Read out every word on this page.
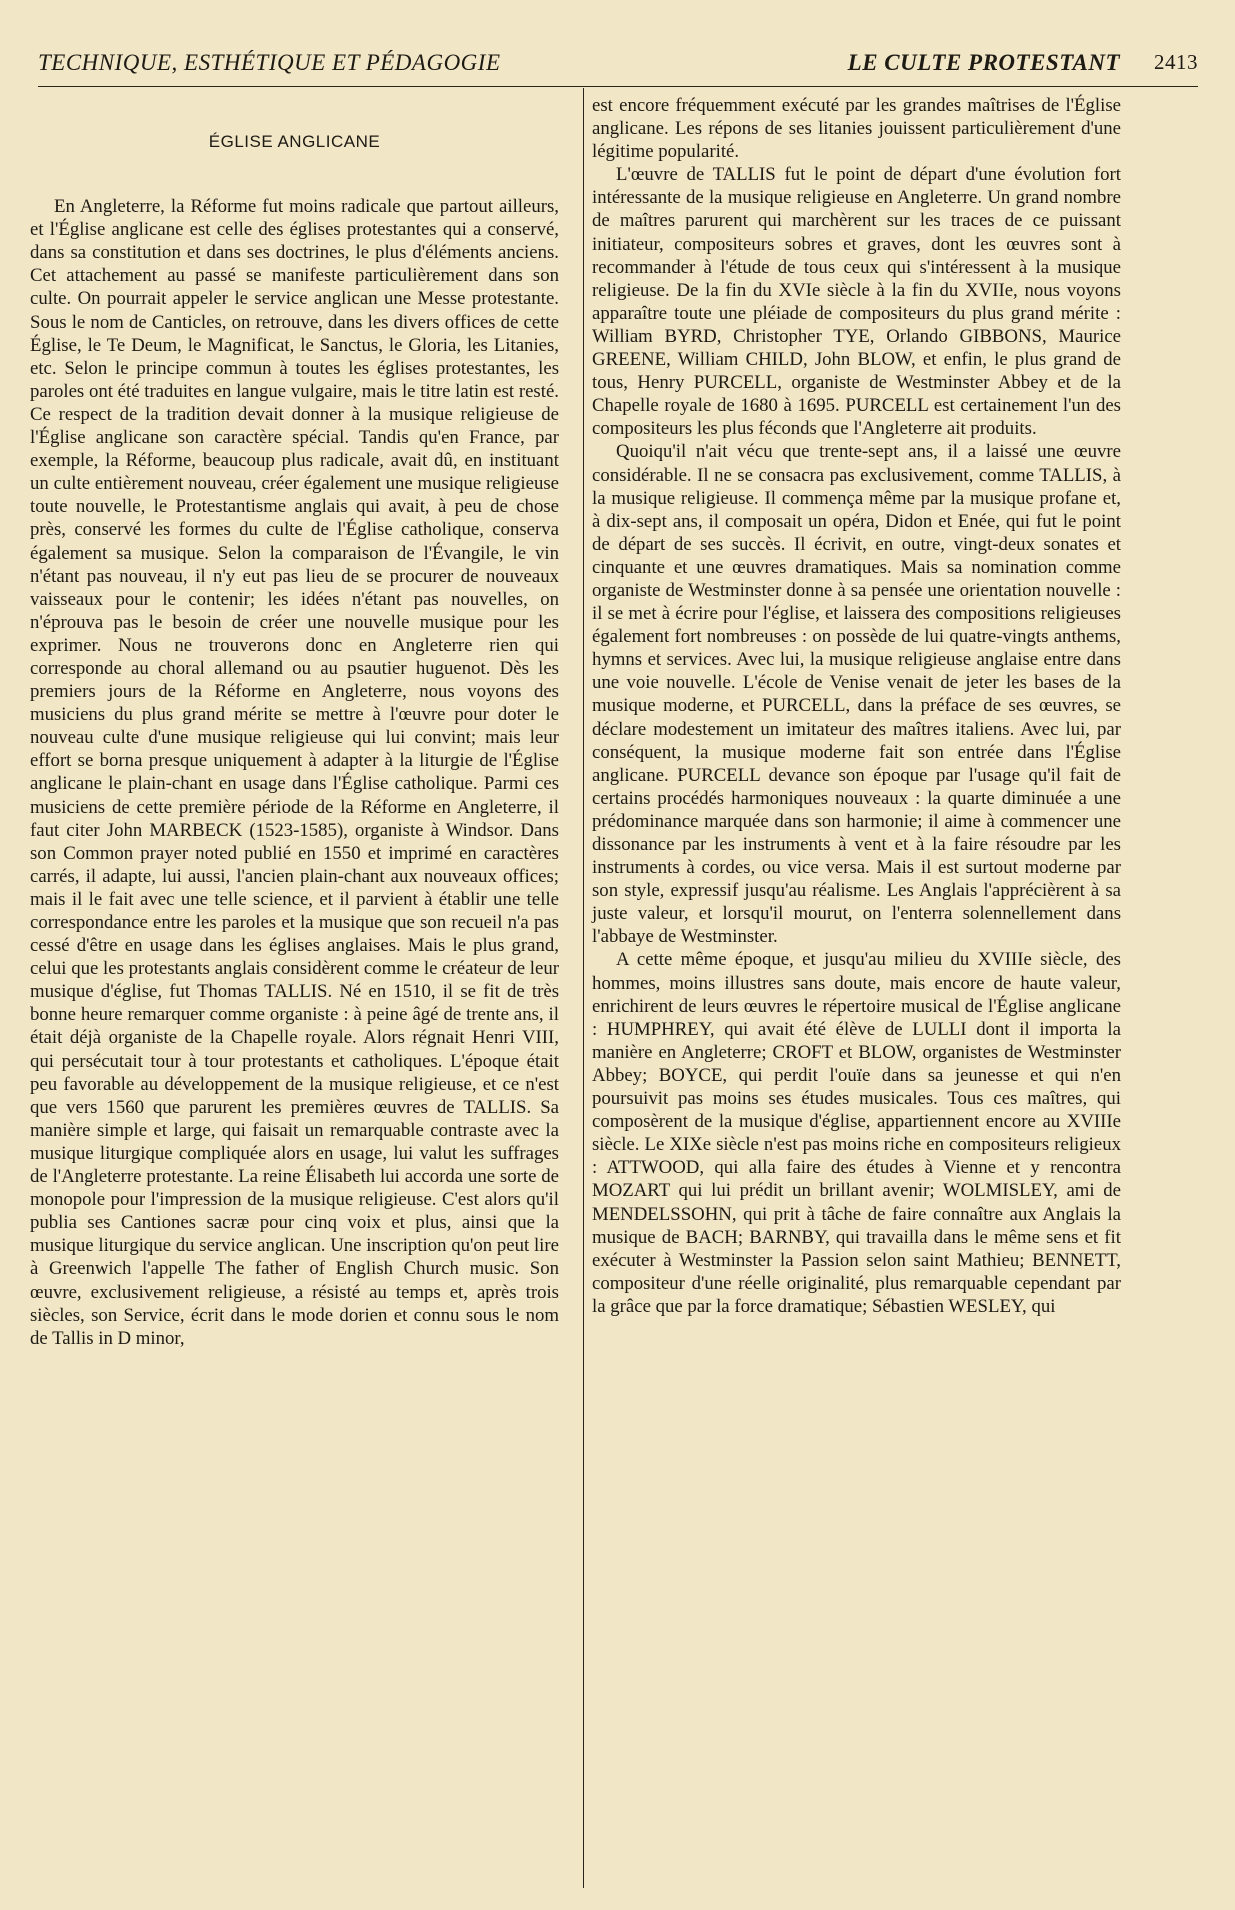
TECHNIQUE, ESTHÉTIQUE ET PÉDAGOGIE	LE CULTE PROTESTANT 2413
ÉGLISE ANGLICANE

En Angleterre, la Réforme fut moins radicale que partout ailleurs, et l'Église anglicane est celle des églises protestantes qui a conservé, dans sa constitution et dans ses doctrines, le plus d'éléments anciens. Cet attachement au passé se manifeste particulièrement dans son culte. On pourrait appeler le service anglican une Messe protestante. Sous le nom de Canticles, on retrouve, dans les divers offices de cette Église, le Te Deum, le Magnificat, le Sanctus, le Gloria, les Litanies, etc. Selon le principe commun à toutes les églises protestantes, les paroles ont été traduites en langue vulgaire, mais le titre latin est resté. Ce respect de la tradition devait donner à la musique religieuse de l'Église anglicane son caractère spécial. Tandis qu'en France, par exemple, la Réforme, beaucoup plus radicale, avait dû, en instituant un culte entièrement nouveau, créer également une musique religieuse toute nouvelle, le Protestantisme anglais qui avait, à peu de chose près, conservé les formes du culte de l'Église catholique, conserva également sa musique. Selon la comparaison de l'Évangile, le vin n'étant pas nouveau, il n'y eut pas lieu de se procurer de nouveaux vaisseaux pour le contenir; les idées n'étant pas nouvelles, on n'éprouva pas le besoin de créer une nouvelle musique pour les exprimer. Nous ne trouverons donc en Angleterre rien qui corresponde au choral allemand ou au psautier huguenot. Dès les premiers jours de la Réforme en Angleterre, nous voyons des musiciens du plus grand mérite se mettre à l'œuvre pour doter le nouveau culte d'une musique religieuse qui lui convint; mais leur effort se borna presque uniquement à adapter à la liturgie de l'Église anglicane le plain-chant en usage dans l'Église catholique. Parmi ces musiciens de cette première période de la Réforme en Angleterre, il faut citer John MARBECK (1523-1585), organiste à Windsor. Dans son Common prayer noted publié en 1550 et imprimé en caractères carrés, il adapte, lui aussi, l'ancien plain-chant aux nouveaux offices; mais il le fait avec une telle science, et il parvient à établir une telle correspondance entre les paroles et la musique que son recueil n'a pas cessé d'être en usage dans les églises anglaises. Mais le plus grand, celui que les protestants anglais considèrent comme le créateur de leur musique d'église, fut Thomas TALLIS. Né en 1510, il se fit de très bonne heure remarquer comme organiste : à peine âgé de trente ans, il était déjà organiste de la Chapelle royale. Alors régnait Henri VIII, qui persécutait tour à tour protestants et catholiques. L'époque était peu favorable au développement de la musique religieuse, et ce n'est que vers 1560 que parurent les premières œuvres de TALLIS. Sa manière simple et large, qui faisait un remarquable contraste avec la musique liturgique compliquée alors en usage, lui valut les suffrages de l'Angleterre protestante. La reine Élisabeth lui accorda une sorte de monopole pour l'impression de la musique religieuse. C'est alors qu'il publia ses Cantiones sacræ pour cinq voix et plus, ainsi que la musique liturgique du service anglican. Une inscription qu'on peut lire à Greenwich l'appelle The father of English Church music. Son œuvre, exclusivement religieuse, a résisté au temps et, après trois siècles, son Service, écrit dans le mode dorien et connu sous le nom de Tallis in D minor,

est encore fréquemment exécuté par les grandes maîtrises de l'Église anglicane. Les répons de ses litanies jouissent particulièrement d'une légitime popularité.

L'œuvre de TALLIS fut le point de départ d'une évolution fort intéressante de la musique religieuse en Angleterre. Un grand nombre de maîtres parurent qui marchèrent sur les traces de ce puissant initiateur, compositeurs sobres et graves, dont les œuvres sont à recommander à l'étude de tous ceux qui s'intéressent à la musique religieuse. De la fin du XVIe siècle à la fin du XVIIe, nous voyons apparaître toute une pléiade de compositeurs du plus grand mérite : William BYRD, Christopher TYE, Orlando GIBBONS, Maurice GREENE, William CHILD, John BLOW, et enfin, le plus grand de tous, Henry PURCELL, organiste de Westminster Abbey et de la Chapelle royale de 1680 à 1695. PURCELL est certainement l'un des compositeurs les plus féconds que l'Angleterre ait produits.

Quoiqu'il n'ait vécu que trente-sept ans, il a laissé une œuvre considérable. Il ne se consacra pas exclusivement, comme TALLIS, à la musique religieuse. Il commença même par la musique profane et, à dix-sept ans, il composait un opéra, Didon et Enée, qui fut le point de départ de ses succès. Il écrivit, en outre, vingt-deux sonates et cinquante et une œuvres dramatiques. Mais sa nomination comme organiste de Westminster donne à sa pensée une orientation nouvelle : il se met à écrire pour l'église, et laissera des compositions religieuses également fort nombreuses : on possède de lui quatre-vingts anthems, hymns et services. Avec lui, la musique religieuse anglaise entre dans une voie nouvelle. L'école de Venise venait de jeter les bases de la musique moderne, et PURCELL, dans la préface de ses œuvres, se déclare modestement un imitateur des maîtres italiens. Avec lui, par conséquent, la musique moderne fait son entrée dans l'Église anglicane. PURCELL devance son époque par l'usage qu'il fait de certains procédés harmoniques nouveaux : la quarte diminuée a une prédominance marquée dans son harmonie; il aime à commencer une dissonance par les instruments à vent et à la faire résoudre par les instruments à cordes, ou vice versa. Mais il est surtout moderne par son style, expressif jusqu'au réalisme. Les Anglais l'apprécièrent à sa juste valeur, et lorsqu'il mourut, on l'enterra solennellement dans l'abbaye de Westminster.

A cette même époque, et jusqu'au milieu du XVIIIe siècle, des hommes, moins illustres sans doute, mais encore de haute valeur, enrichirent de leurs œuvres le répertoire musical de l'Église anglicane : HUMPHREY, qui avait été élève de LULLI dont il importa la manière en Angleterre; CROFT et BLOW, organistes de Westminster Abbey; BOYCE, qui perdit l'ouïe dans sa jeunesse et qui n'en poursuivit pas moins ses études musicales. Tous ces maîtres, qui composèrent de la musique d'église, appartiennent encore au XVIIIe siècle. Le XIXe siècle n'est pas moins riche en compositeurs religieux : ATTWOOD, qui alla faire des études à Vienne et y rencontra MOZART qui lui prédit un brillant avenir; WOLMISLEY, ami de MENDELSSOHN, qui prit à tâche de faire connaître aux Anglais la musique de BACH; BARNBY, qui travailla dans le même sens et fit exécuter à Westminster la Passion selon saint Mathieu; BENNETT, compositeur d'une réelle originalité, plus remarquable cependant par la grâce que par la force dramatique; Sébastien WESLEY, qui
